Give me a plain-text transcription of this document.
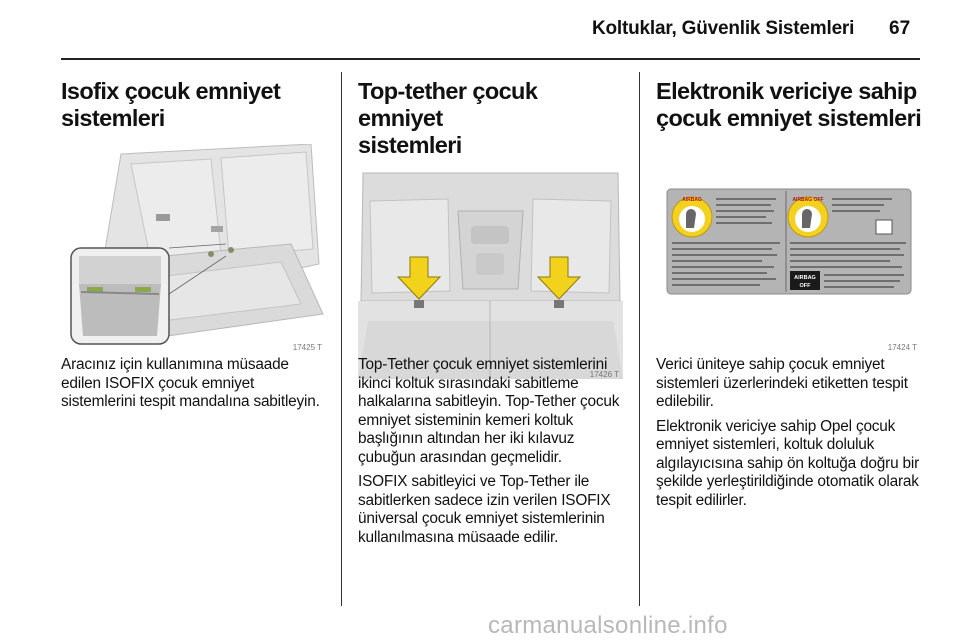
Koltuklar, Güvenlik Sistemleri 67
Isofix çocuk emniyet
sistemleri
17425 T

Aracınız için kullanımına müsaade edilen ISOFIX çocuk emniyet sistemlerini tespit mandalına sabitleyin.

Top-tether çocuk emniyet
sistemleri
17426 T

Top-Tether çocuk emniyet sistemlerini ikinci koltuk sırasındaki sabitleme halkalarına sabitleyin. Top-Tether çocuk emniyet sisteminin kemeri koltuk başlığının altından her iki kılavuz çubuğun arasından geçmelidir.

ISOFIX sabitleyici ve Top-Tether ile sabitlerken sadece izin verilen ISOFIX üniversal çocuk emniyet sistemlerinin kullanılmasına müsaade edilir.

Elektronik vericiye sahip
çocuk emniyet sistemleri
AIRBAG	AIRBAG OFF
AIRBAG
OFF
17424 T

Verici üniteye sahip çocuk emniyet sistemleri üzerlerindeki etiketten tespit edilebilir.

Elektronik vericiye sahip Opel çocuk emniyet sistemleri, koltuk doluluk algılayıcısına sahip ön koltuğa doğru bir şekilde yerleştirildiğinde otomatik olarak tespit edilirler.

carmanualsonline.info
